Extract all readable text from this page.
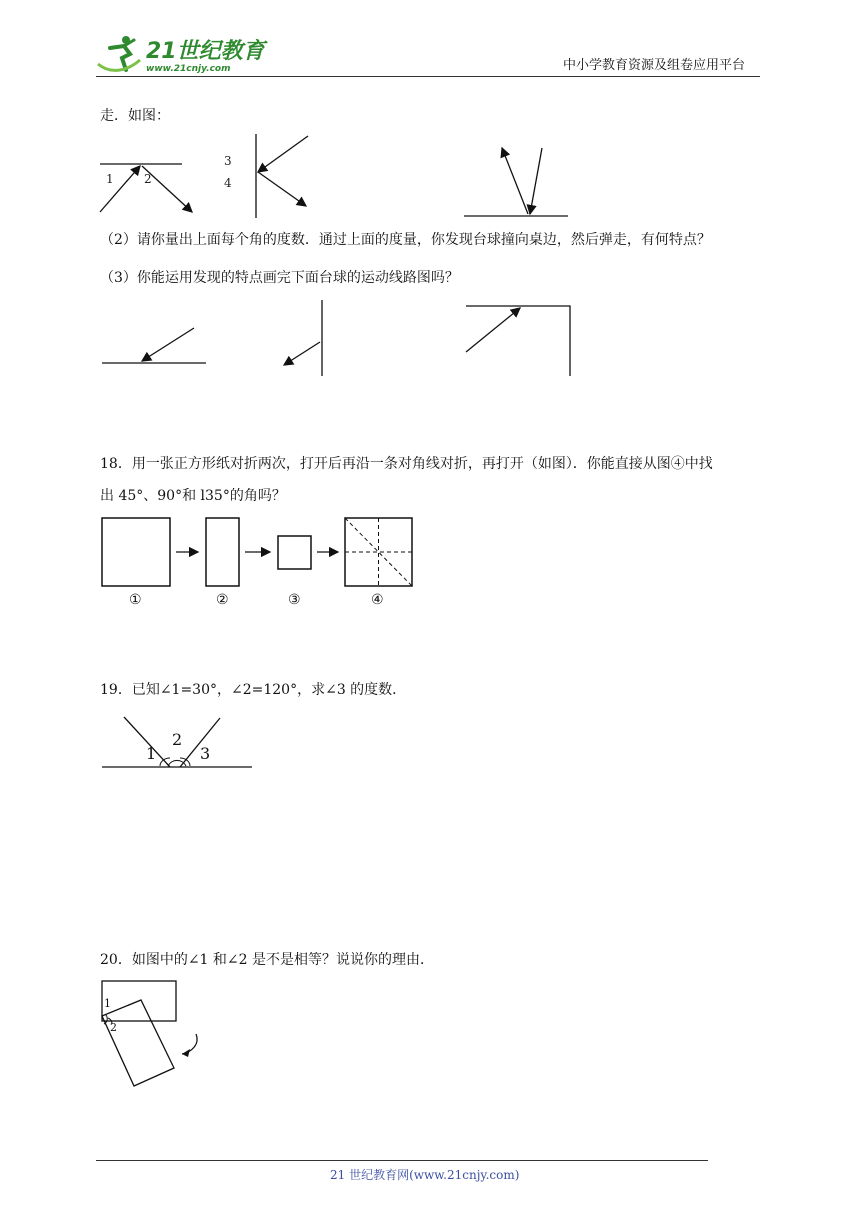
21世纪教育
www.21cnjy.com	中小学教育资源及组卷应用平台
走．如图：
1	2
3
4
（2）请你量出上面每个角的度数．通过上面的度量，你发现台球撞向桌边，然后弹走，有何特点？
（3）你能运用发现的特点画完下面台球的运动线路图吗？
18．用一张正方形纸对折两次，打开后再沿一条对角线对折，再打开（如图）．你能直接从图④中找
出 45°、90°和 l35°的角吗？
①	②	③	④
19．已知∠1=30°，∠2=120°，求∠3 的度数．
1
2
3
20．如图中的∠1 和∠2 是不是相等？说说你的理由．
1
2
21 世纪教育网(www.21cnjy.com)
